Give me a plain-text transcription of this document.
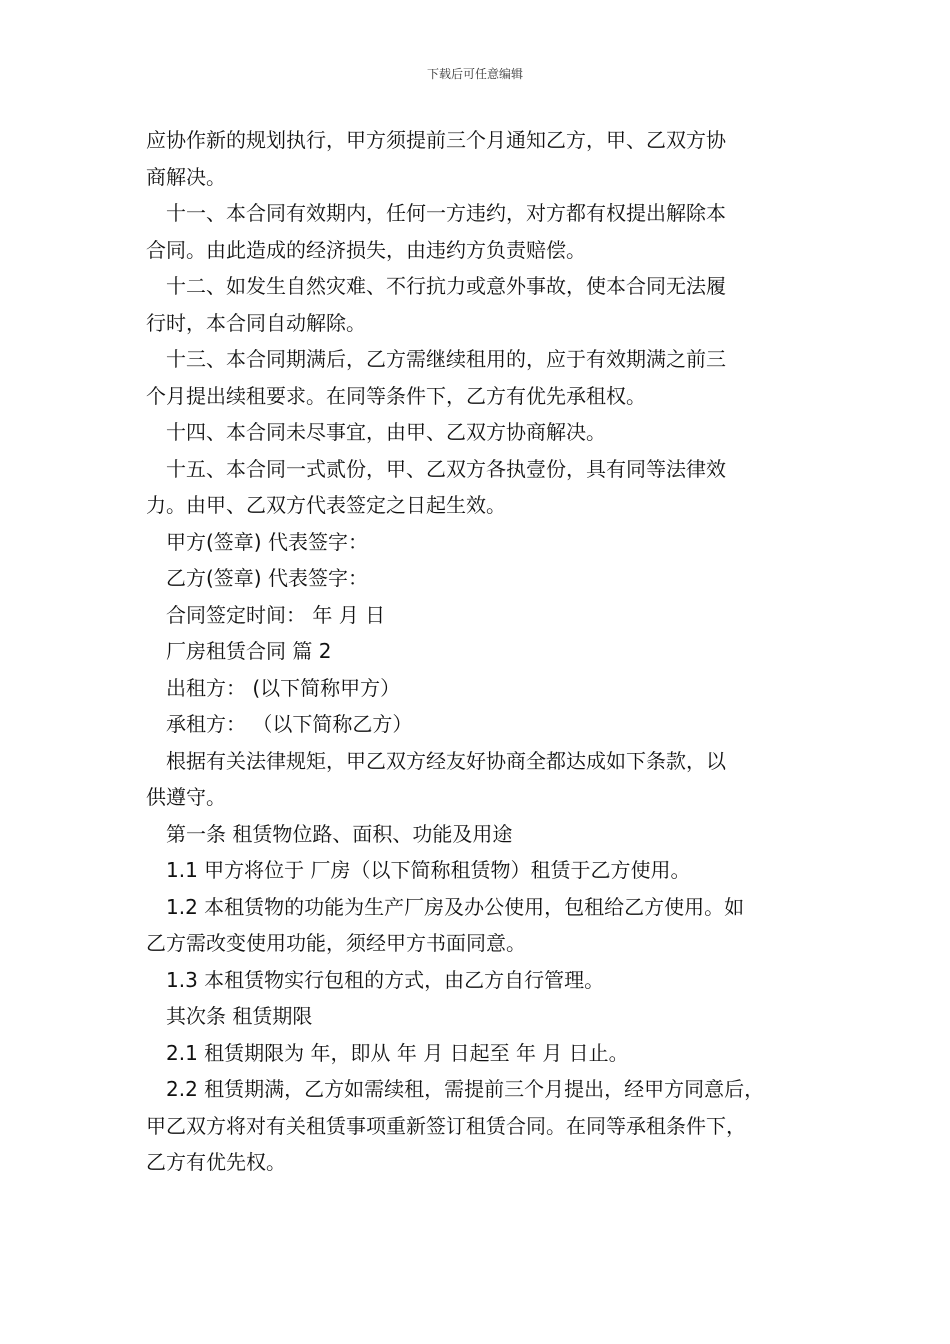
下载后可任意编辑
应协作新的规划执行，甲方须提前三个月通知乙方，甲、乙双方协
商解决。
十一、本合同有效期内，任何一方违约，对方都有权提出解除本
合同。由此造成的经济损失，由违约方负责赔偿。
十二、如发生自然灾难、不行抗力或意外事故，使本合同无法履
行时，本合同自动解除。
十三、本合同期满后，乙方需继续租用的，应于有效期满之前三
个月提出续租要求。在同等条件下，乙方有优先承租权。
十四、本合同未尽事宜，由甲、乙双方协商解决。
十五、本合同一式贰份，甲、乙双方各执壹份，具有同等法律效
力。由甲、乙双方代表签定之日起生效。
甲方(签章) 代表签字：
乙方(签章) 代表签字：
合同签定时间： 年 月 日
厂房租赁合同 篇 2
出租方： (以下简称甲方）
承租方： （以下简称乙方）
根据有关法律规矩，甲乙双方经友好协商全都达成如下条款，以
供遵守。
第一条 租赁物位路、面积、功能及用途
1.1 甲方将位于 厂房（以下简称租赁物）租赁于乙方使用。
1.2 本租赁物的功能为生产厂房及办公使用，包租给乙方使用。如
乙方需改变使用功能，须经甲方书面同意。
1.3 本租赁物实行包租的方式，由乙方自行管理。
其次条 租赁期限
2.1 租赁期限为 年，即从 年 月 日起至 年 月 日止。
2.2 租赁期满，乙方如需续租，需提前三个月提出，经甲方同意后，
甲乙双方将对有关租赁事项重新签订租赁合同。在同等承租条件下，
乙方有优先权。
